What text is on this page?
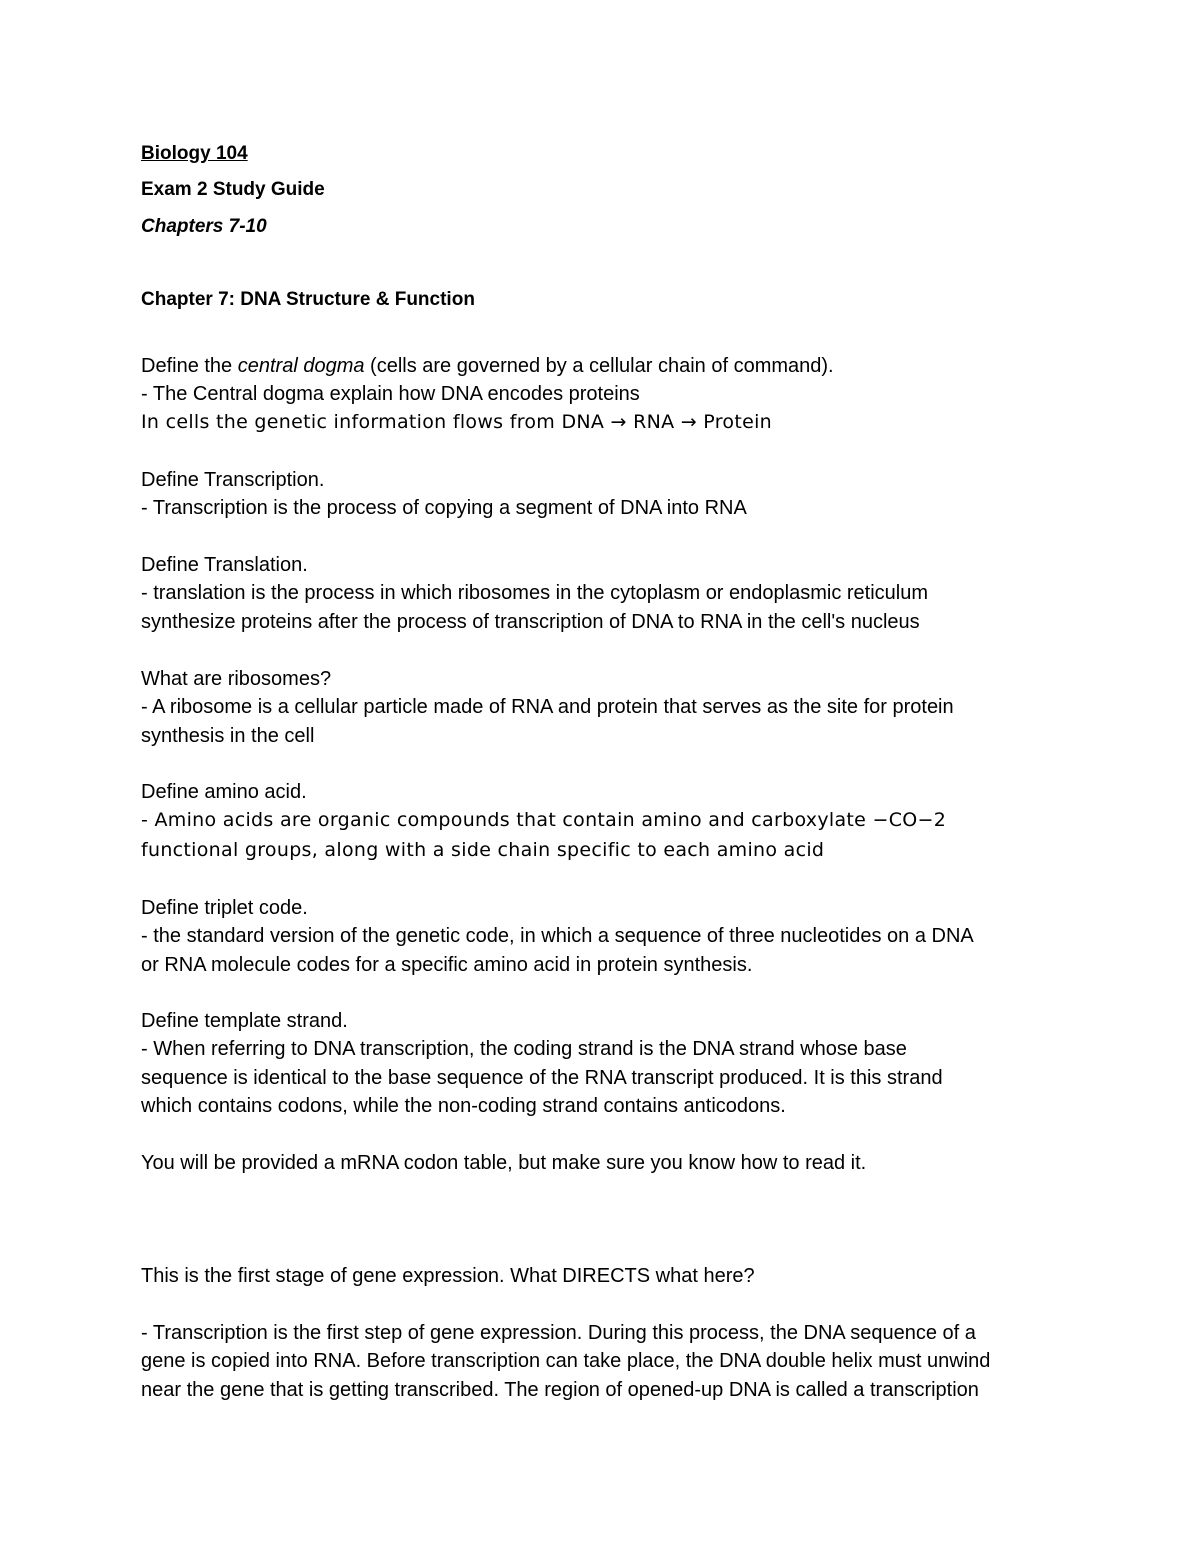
Biology 104
Exam 2 Study Guide
Chapters 7-10
Chapter 7: DNA Structure & Function
Define the central dogma (cells are governed by a cellular chain of command).
- The Central dogma explain how DNA encodes proteins
In cells the genetic information flows from DNA → RNA → Protein
Define Transcription.
- Transcription is the process of copying a segment of DNA into RNA
Define Translation.
- translation is the process in which ribosomes in the cytoplasm or endoplasmic reticulum
synthesize proteins after the process of transcription of DNA to RNA in the cell's nucleus
What are ribosomes?
- A ribosome is a cellular particle made of RNA and protein that serves as the site for protein
synthesis in the cell
Define amino acid.
- Amino acids are organic compounds that contain amino and carboxylate −CO−2
functional groups, along with a side chain specific to each amino acid
Define triplet code.
- the standard version of the genetic code, in which a sequence of three nucleotides on a DNA
or RNA molecule codes for a specific amino acid in protein synthesis.
Define template strand.
- When referring to DNA transcription, the coding strand is the DNA strand whose base
sequence is identical to the base sequence of the RNA transcript produced. It is this strand
which contains codons, while the non-coding strand contains anticodons.
You will be provided a mRNA codon table, but make sure you know how to read it.
This is the first stage of gene expression. What DIRECTS what here?
- Transcription is the first step of gene expression. During this process, the DNA sequence of a
gene is copied into RNA. Before transcription can take place, the DNA double helix must unwind
near the gene that is getting transcribed. The region of opened-up DNA is called a transcription
